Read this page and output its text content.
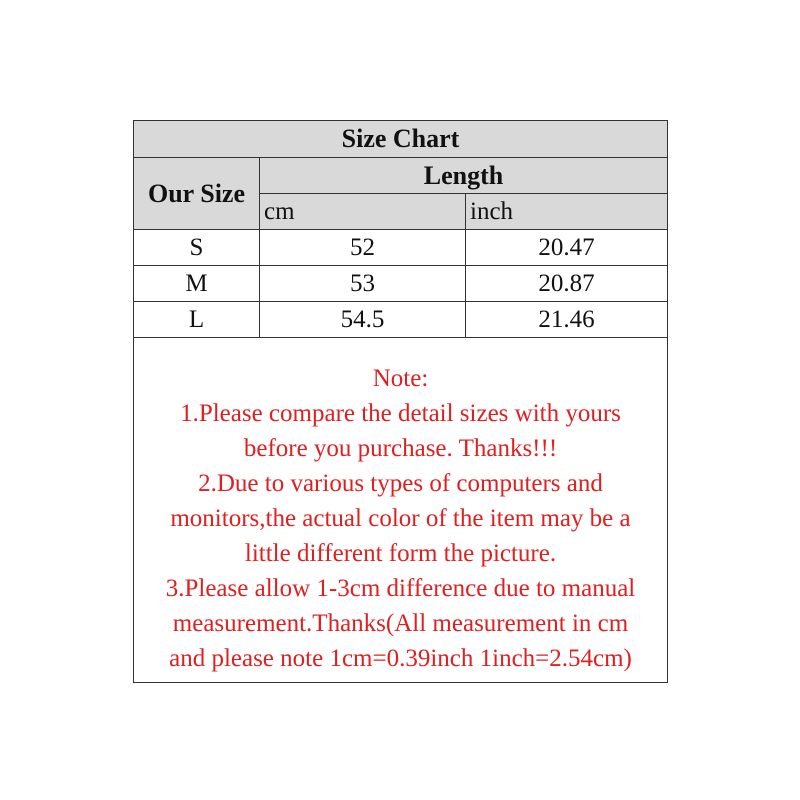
Size Chart
Our Size
Length
cm	inch
S	52	20.47
M	53	20.87
L	54.5	21.46
Note:
1.Please compare the detail sizes with yours
before you purchase. Thanks!!!
2.Due to various types of computers and
monitors,the actual color of the item may be a
little different form the picture.
3.Please allow 1-3cm difference due to manual
measurement.Thanks(All measurement in cm
and please note 1cm=0.39inch 1inch=2.54cm)
